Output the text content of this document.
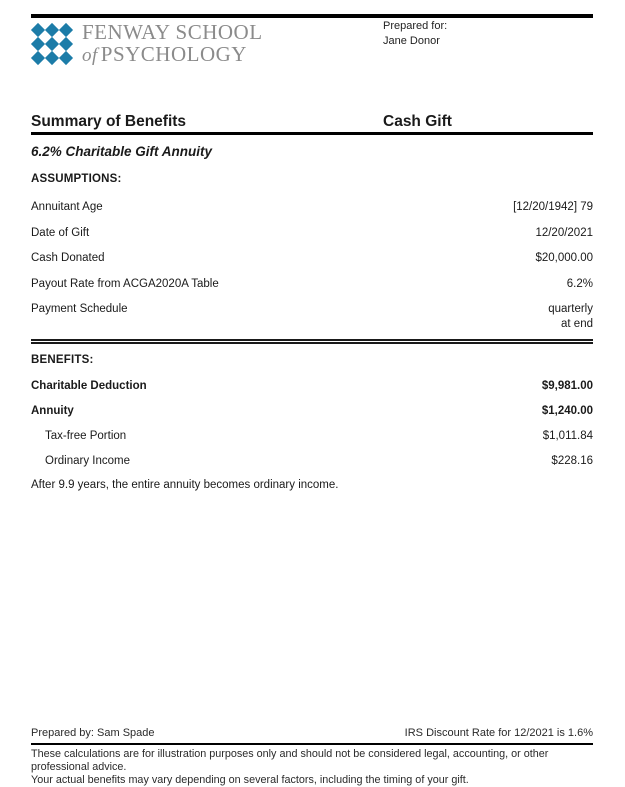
FENWAY SCHOOL
of PSYCHOLOGY
Prepared for:
Jane Donor
Summary of Benefits	Cash Gift
6.2% Charitable Gift Annuity
ASSUMPTIONS:
Annuitant Age	[12/20/1942] 79
Date of Gift	12/20/2021
Cash Donated	$20,000.00
Payout Rate from ACGA2020A Table	6.2%
Payment Schedule	quarterly
at end
BENEFITS:
Charitable Deduction	$9,981.00
Annuity	$1,240.00
Tax-free Portion	$1,011.84
Ordinary Income	$228.16
After 9.9 years, the entire annuity becomes ordinary income.
Prepared by: Sam Spade	IRS Discount Rate for 12/2021 is 1.6%
These calculations are for illustration purposes only and should not be considered legal, accounting, or other professional advice.
Your actual benefits may vary depending on several factors, including the timing of your gift.
